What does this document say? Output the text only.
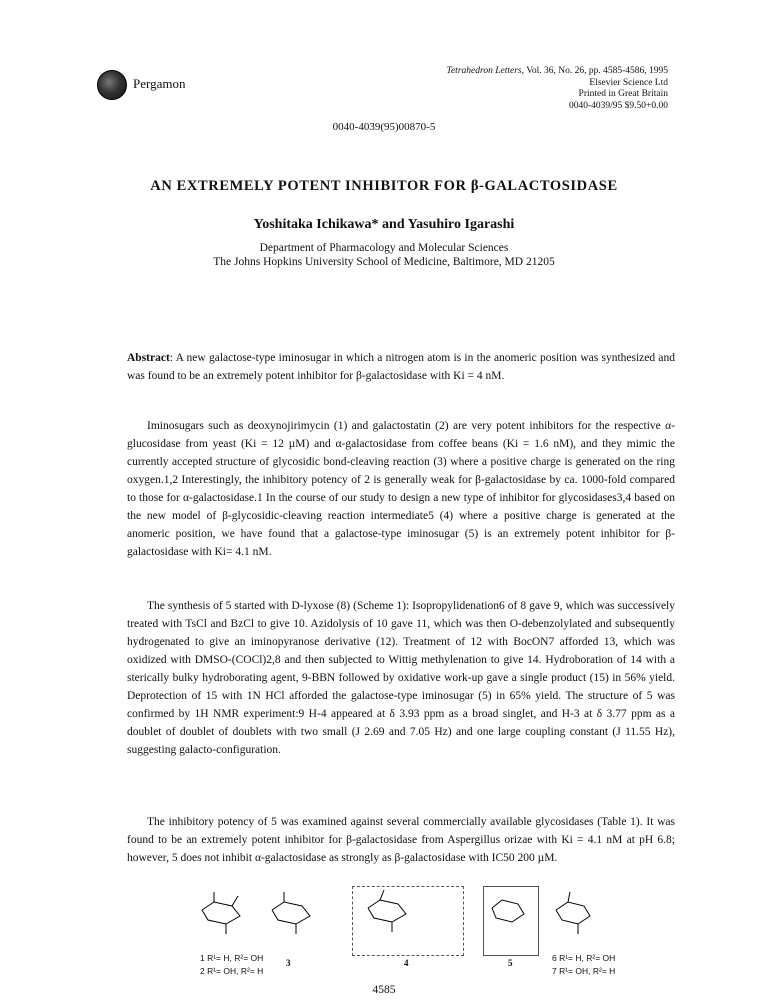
Pergamon
Tetrahedron Letters, Vol. 36, No. 26, pp. 4585-4586, 1995
Elsevier Science Ltd
Printed in Great Britain
0040-4039/95 $9.50+0.00
0040-4039(95)00870-5
AN EXTREMELY POTENT INHIBITOR FOR β-GALACTOSIDASE
Yoshitaka Ichikawa* and Yasuhiro Igarashi
Department of Pharmacology and Molecular Sciences
The Johns Hopkins University School of Medicine, Baltimore, MD 21205
Abstract: A new galactose-type iminosugar in which a nitrogen atom is in the anomeric position was synthesized and was found to be an extremely potent inhibitor for β-galactosidase with Ki = 4 nM.
Iminosugars such as deoxynojirimycin (1) and galactostatin (2) are very potent inhibitors for the respective α-glucosidase from yeast (Ki = 12 µM) and α-galactosidase from coffee beans (Ki = 1.6 nM), and they mimic the currently accepted structure of glycosidic bond-cleaving reaction (3) where a positive charge is generated on the ring oxygen.1,2 Interestingly, the inhibitory potency of 2 is generally weak for β-galactosidase by ca. 1000-fold compared to those for α-galactosidase.1 In the course of our study to design a new type of inhibitor for glycosidases3,4 based on the new model of β-glycosidic-cleaving reaction intermediate5 (4) where a positive charge is generated at the anomeric position, we have found that a galactose-type iminosugar (5) is an extremely potent inhibitor for β-galactosidase with Ki= 4.1 nM.
The synthesis of 5 started with D-lyxose (8) (Scheme 1): Isopropylidenation6 of 8 gave 9, which was successively treated with TsCl and BzCl to give 10. Azidolysis of 10 gave 11, which was then O-debenzolylated and subsequently hydrogenated to give an iminopyranose derivative (12). Treatment of 12 with BocON7 afforded 13, which was oxidized with DMSO-(COCl)2,8 and then subjected to Wittig methylenation to give 14. Hydroboration of 14 with a sterically bulky hydroborating agent, 9-BBN followed by oxidative work-up gave a single product (15) in 56% yield. Deprotection of 15 with 1N HCl afforded the galactose-type iminosugar (5) in 65% yield. The structure of 5 was confirmed by 1H NMR experiment:9 H-4 appeared at δ 3.93 ppm as a broad singlet, and H-3 at δ 3.77 ppm as a doublet of doublet of doublets with two small (J 2.69 and 7.05 Hz) and one large coupling constant (J 11.55 Hz), suggesting galacto-configuration.
The inhibitory potency of 5 was examined against several commercially available glycosidases (Table 1). It was found to be an extremely potent inhibitor for β-galactosidase from Aspergillus orizae with Ki = 4.1 nM at pH 6.8; however, 5 does not inhibit α-galactosidase as strongly as β-galactosidase with IC50 200 µM.
1 R¹= H, R²= OH
2 R¹= OH, R²= H
3	4	5	6 R¹= H, R²= OH
7 R¹= OH, R²= H
4585
